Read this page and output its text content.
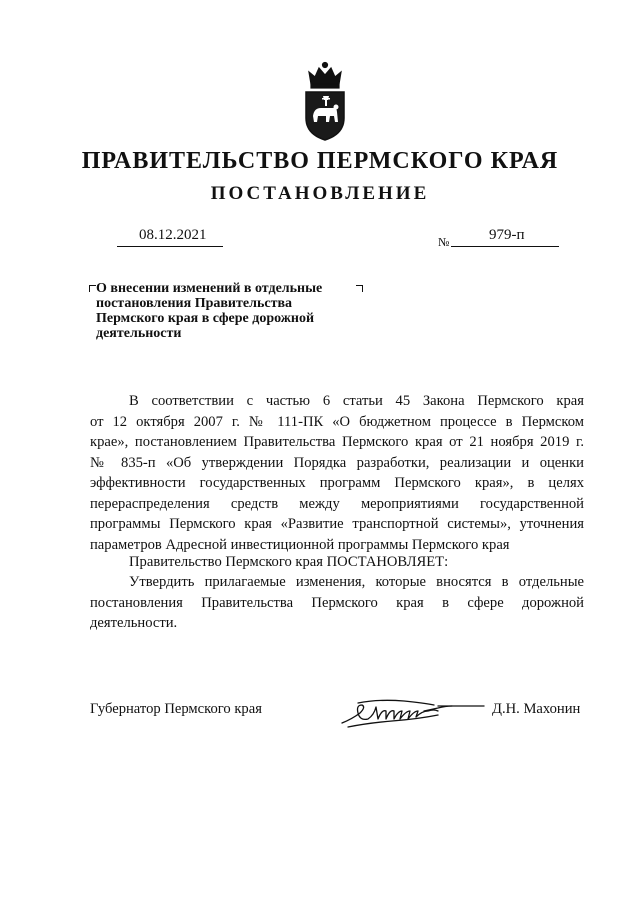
ПРАВИТЕЛЬСТВО ПЕРМСКОГО КРАЯ
ПОСТАНОВЛЕНИЕ
08.12.2021	№	979-п
О внесении изменений в отдельные
постановления Правительства
Пермского края в сфере дорожной
деятельности
В соответствии с частью 6 статьи 45 Закона Пермского края
от 12 октября 2007 г. № 111-ПК «О бюджетном процессе в Пермском
крае», постановлением Правительства Пермского края от 21 ноября 2019 г.
№ 835-п «Об утверждении Порядка разработки, реализации и оценки
эффективности государственных программ Пермского края», в целях
перераспределения средств между мероприятиями государственной
программы Пермского края «Развитие транспортной системы», уточнения
параметров Адресной инвестиционной программы Пермского края
Правительство Пермского края ПОСТАНОВЛЯЕТ:
Утвердить прилагаемые изменения, которые вносятся в отдельные
постановления Правительства Пермского края в сфере дорожной
деятельности.
Губернатор Пермского края	Д.Н. Махонин
